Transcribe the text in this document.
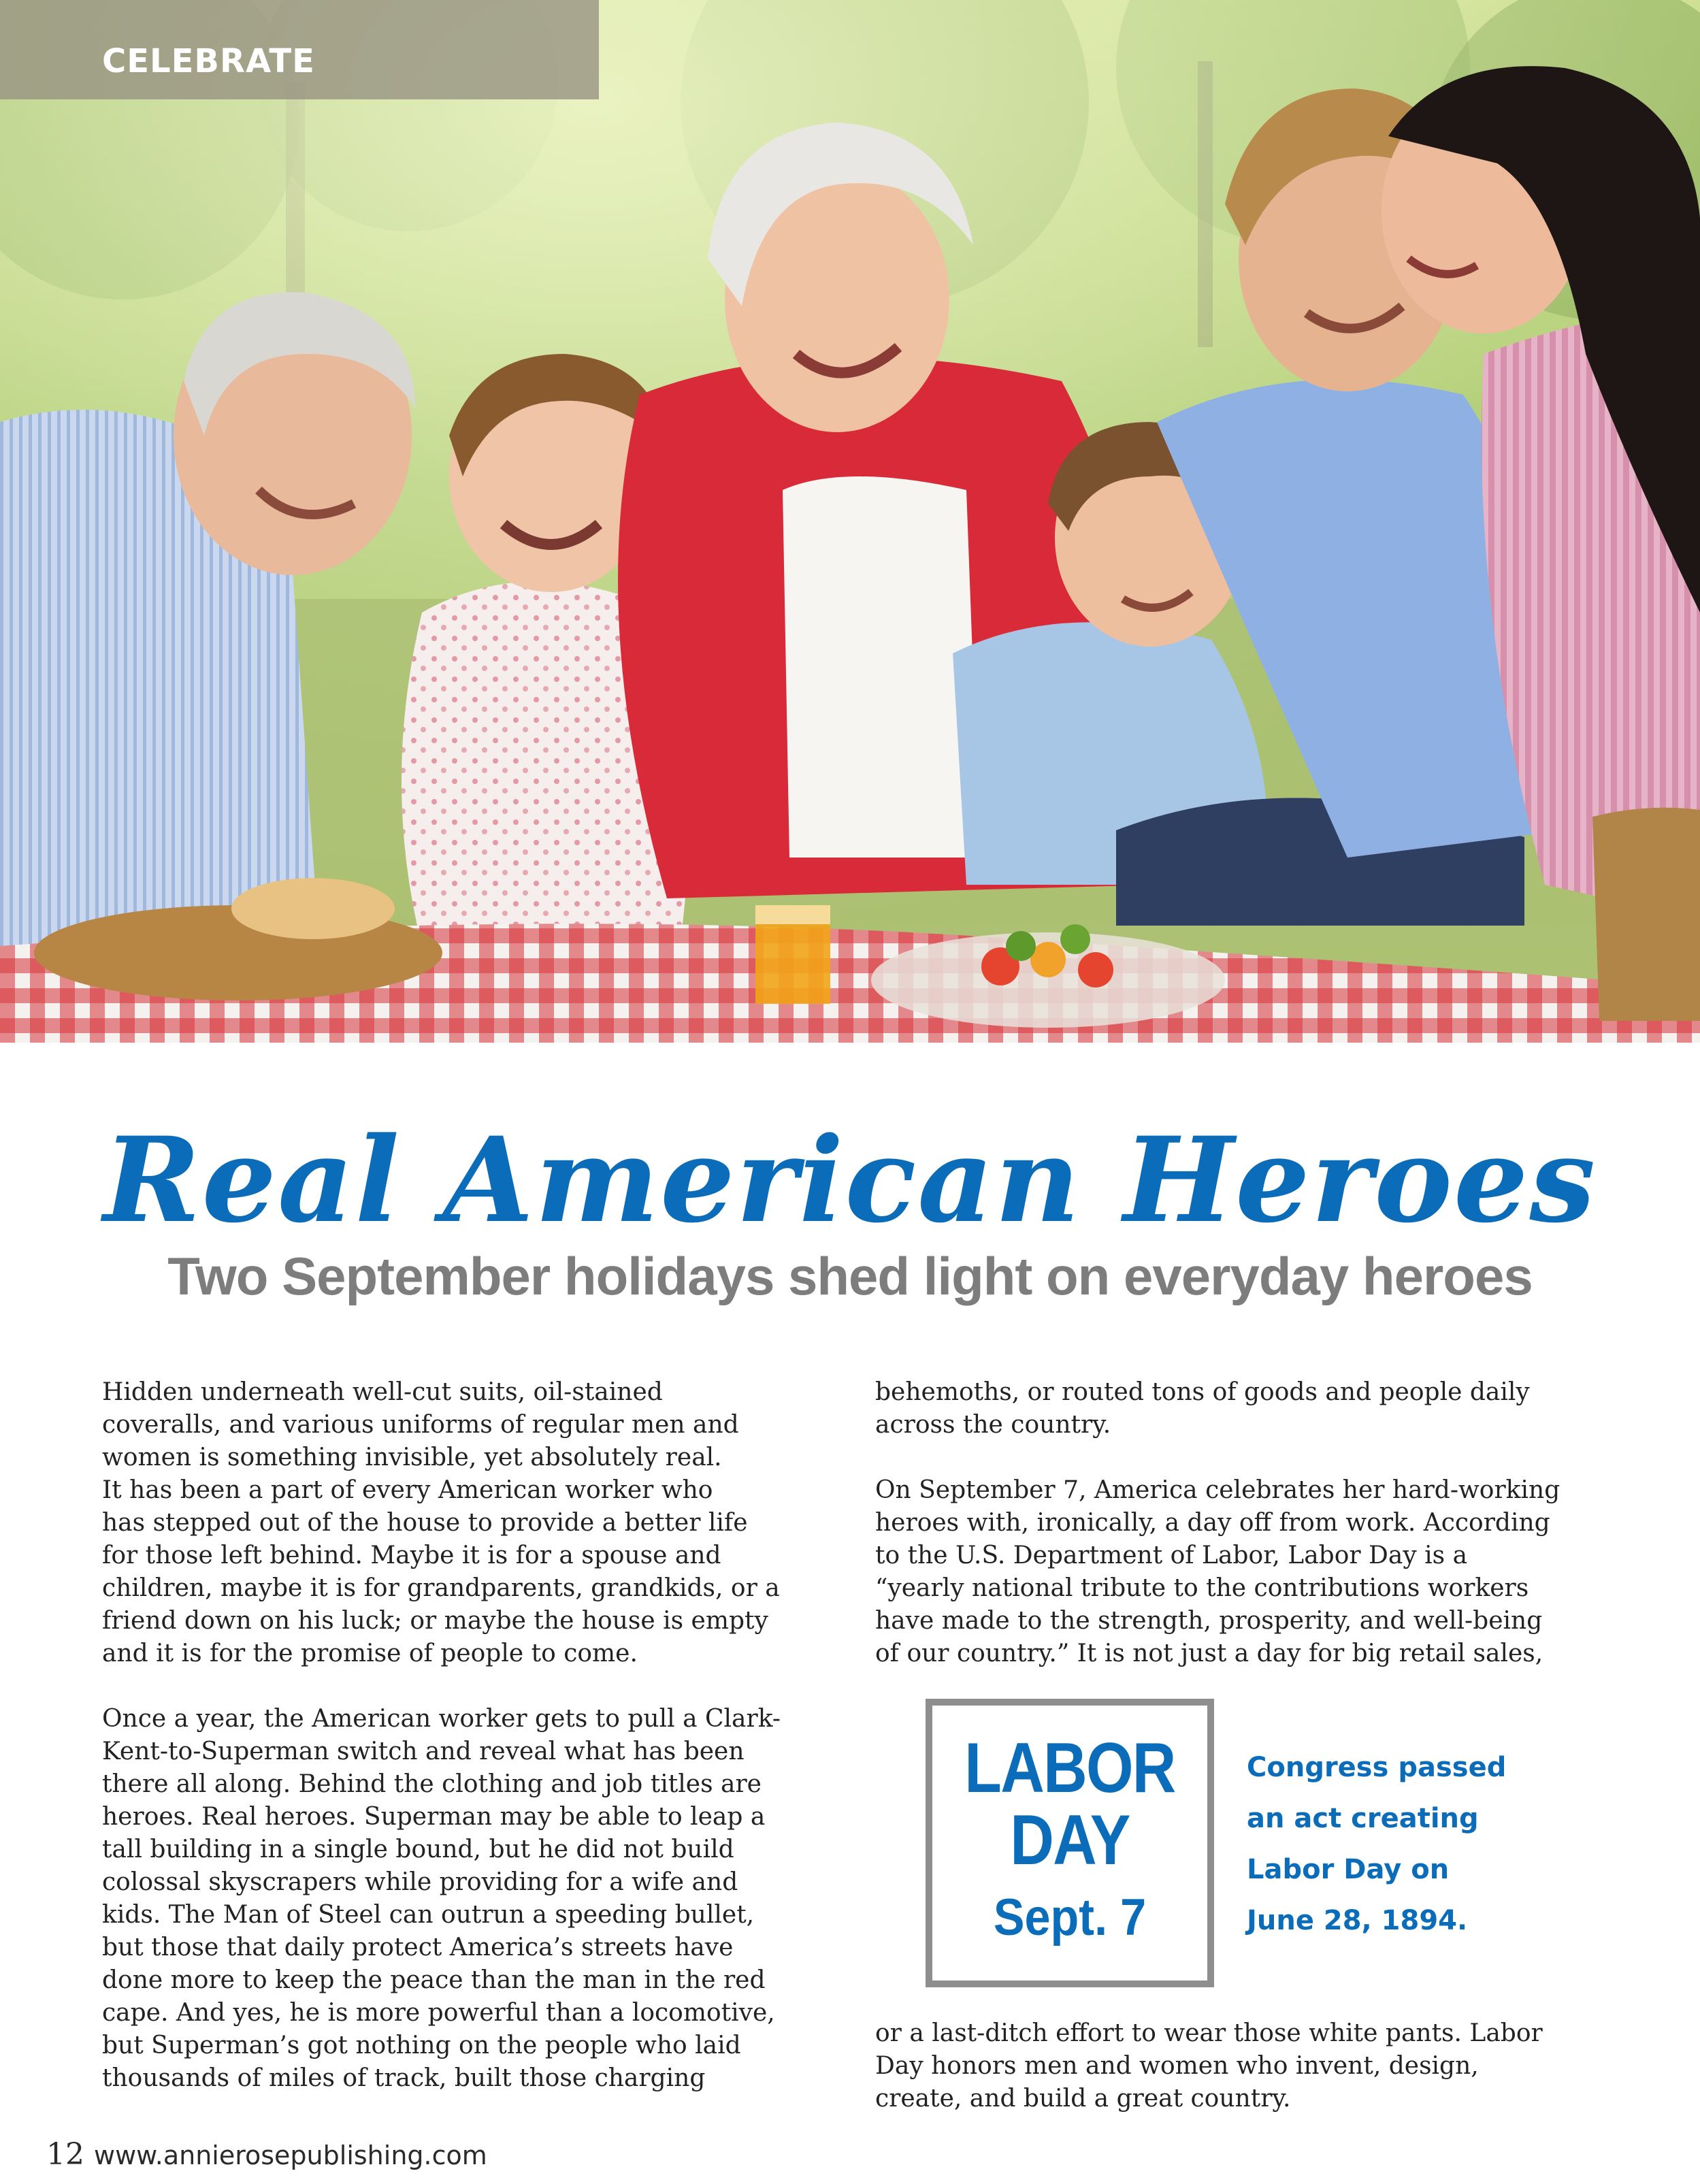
CELEBRATE
Real American Heroes
Two September holidays shed light on everyday heroes

Hidden underneath well-cut suits, oil-stained
coveralls, and various uniforms of regular men and
women is something invisible, yet absolutely real.
It has been a part of every American worker who
has stepped out of the house to provide a better life
for those left behind. Maybe it is for a spouse and
children, maybe it is for grandparents, grandkids, or a
friend down on his luck; or maybe the house is empty
and it is for the promise of people to come.

Once a year, the American worker gets to pull a Clark-
Kent-to-Superman switch and reveal what has been
there all along. Behind the clothing and job titles are
heroes. Real heroes. Superman may be able to leap a
tall building in a single bound, but he did not build
colossal skyscrapers while providing for a wife and
kids. The Man of Steel can outrun a speeding bullet,
but those that daily protect America’s streets have
done more to keep the peace than the man in the red
cape. And yes, he is more powerful than a locomotive,
but Superman’s got nothing on the people who laid
thousands of miles of track, built those charging

behemoths, or routed tons of goods and people daily
across the country.

On September 7, America celebrates her hard-working
heroes with, ironically, a day off from work. According
to the U.S. Department of Labor, Labor Day is a
“yearly national tribute to the contributions workers
have made to the strength, prosperity, and well-being
of our country.” It is not just a day for big retail sales,

LABOR
DAY
Sept. 7
Congress passed
an act creating
Labor Day on
June 28, 1894.

or a last-ditch effort to wear those white pants. Labor
Day honors men and women who invent, design,
create, and build a great country.

12 www.annierosepublishing.com
